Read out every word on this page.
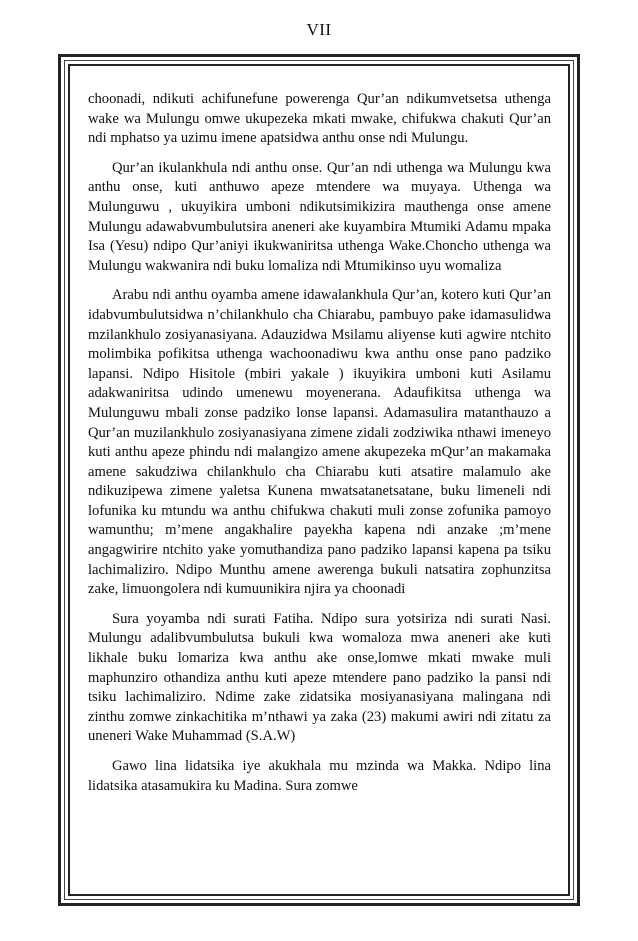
VII

choonadi, ndikuti achifunefune powerenga Qur’an ndikumvetsetsa uthenga wake wa Mulungu omwe ukupezeka mkati mwake, chifukwa chakuti Qur’an ndi mphatso ya uzimu imene apatsidwa anthu onse ndi Mulungu.

Qur’an ikulankhula ndi anthu onse. Qur’an ndi uthenga wa Mulungu kwa anthu onse, kuti anthuwo apeze mtendere wa muyaya. Uthenga wa Mulunguwu , ukuyikira umboni ndikutsimikizira mauthenga onse amene Mulungu adawabvumbulutsira aneneri ake kuyambira Mtumiki Adamu mpaka Isa (Yesu) ndipo Qur’aniyi ikukwaniritsa uthenga Wake.Choncho uthenga wa Mulungu wakwanira ndi buku lomaliza ndi Mtumikinso uyu womaliza

Arabu ndi anthu oyamba amene idawalankhula Qur’an, kotero kuti Qur’an idabvumbulutsidwa n’chilankhulo cha Chiarabu, pambuyo pake idamasulidwa mzilankhulo zosiyanasiyana. Adauzidwa Msilamu aliyense kuti agwire ntchito molimbika pofikitsa uthenga wachoonadiwu kwa anthu onse pano padziko lapansi. Ndipo Hisitole (mbiri yakale ) ikuyikira umboni kuti Asilamu adakwaniritsa udindo umenewu moyenerana. Adaufikitsa uthenga wa Mulunguwu mbali zonse padziko lonse lapansi. Adamasulira matanthauzo a Qur’an muzilankhulo zosiyanasiyana zimene zidali zodziwika nthawi imeneyo kuti anthu apeze phindu ndi malangizo amene akupezeka mQur’an makamaka amene sakudziwa chilankhulo cha Chiarabu kuti atsatire malamulo ake ndikuzipewa zimene yaletsa Kunena mwatsatanetsatane, buku limeneli ndi lofunika ku mtundu wa anthu chifukwa chakuti muli zonse zofunika pamoyo wamunthu; m’mene angakhalire payekha kapena ndi anzake ;m’mene angagwirire ntchito yake yomuthandiza pano padziko lapansi kapena pa tsiku lachimaliziro. Ndipo Munthu amene awerenga bukuli natsatira zophunzitsa zake, limuongolera ndi kumuunikira njira ya choonadi

Sura yoyamba ndi surati Fatiha. Ndipo sura yotsiriza ndi surati Nasi. Mulungu adalibvumbulutsa bukuli kwa womaloza mwa aneneri ake kuti likhale buku lomariza kwa anthu ake onse,lomwe mkati mwake muli maphunziro othandiza anthu kuti apeze mtendere pano padziko la pansi ndi tsiku lachimaliziro. Ndime zake zidatsika mosiyanasiyana malingana ndi zinthu zomwe zinkachitika m’nthawi ya zaka (23) makumi awiri ndi zitatu za uneneri Wake Muhammad (S.A.W)

Gawo lina lidatsika iye akukhala mu mzinda wa Makka. Ndipo lina lidatsika atasamukira ku Madina. Sura zomwe
